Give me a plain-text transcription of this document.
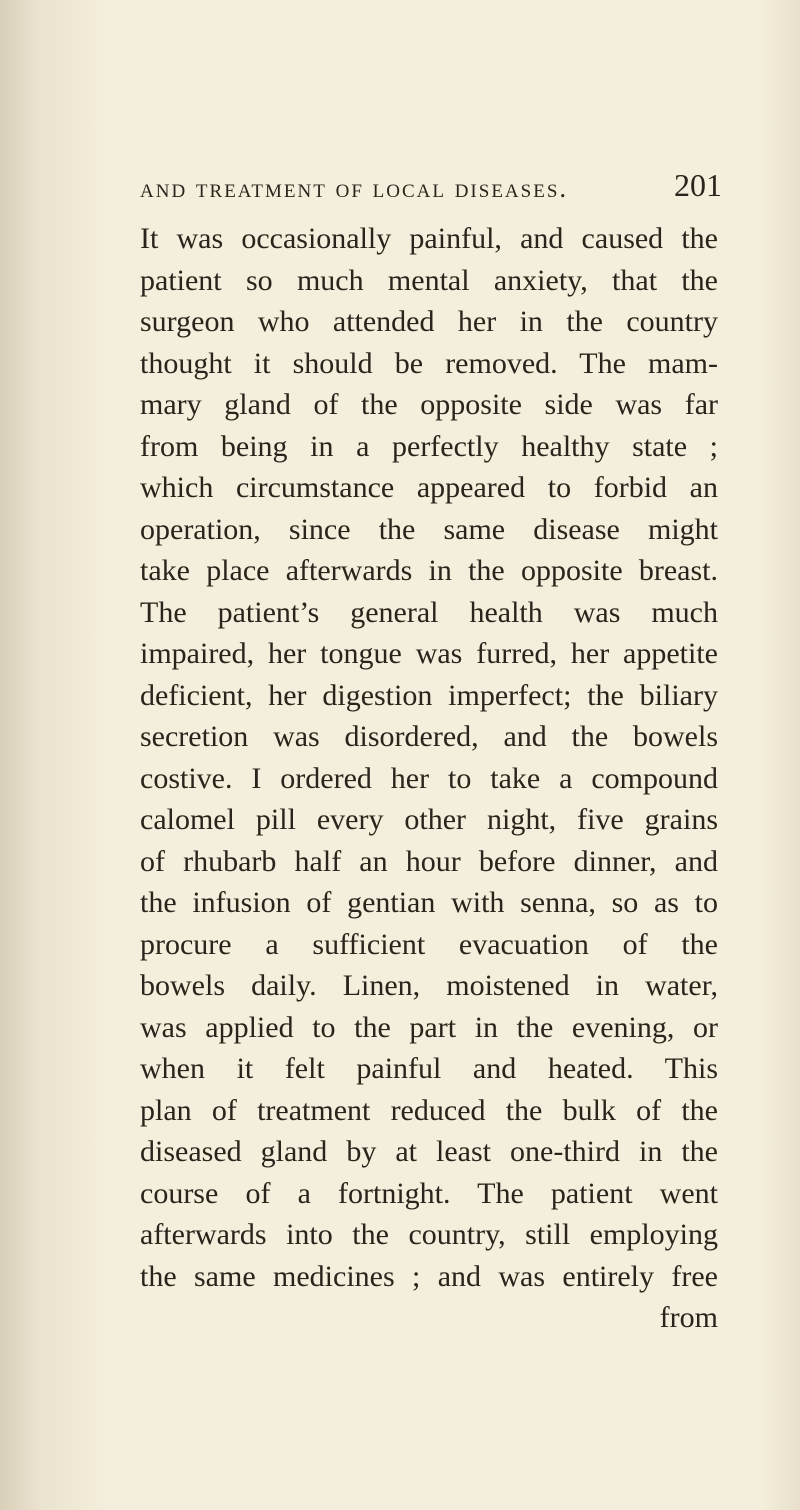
and treatment of local diseases.	201
It was occasionally painful, and caused the
patient so much mental anxiety, that the
surgeon who attended her in the country
thought it should be removed. The mam-
mary gland of the opposite side was far
from being in a perfectly healthy state ;
which circumstance appeared to forbid an
operation, since the same disease might
take place afterwards in the opposite breast.
The patient’s general health was much
impaired, her tongue was furred, her appetite
deficient, her digestion imperfect; the biliary
secretion was disordered, and the bowels
costive. I ordered her to take a compound
calomel pill every other night, five grains
of rhubarb half an hour before dinner, and
the infusion of gentian with senna, so as to
procure a sufficient evacuation of the
bowels daily. Linen, moistened in water,
was applied to the part in the evening, or
when it felt painful and heated. This
plan of treatment reduced the bulk of the
diseased gland by at least one-third in the
course of a fortnight. The patient went
afterwards into the country, still employing
the same medicines ; and was entirely free
from
